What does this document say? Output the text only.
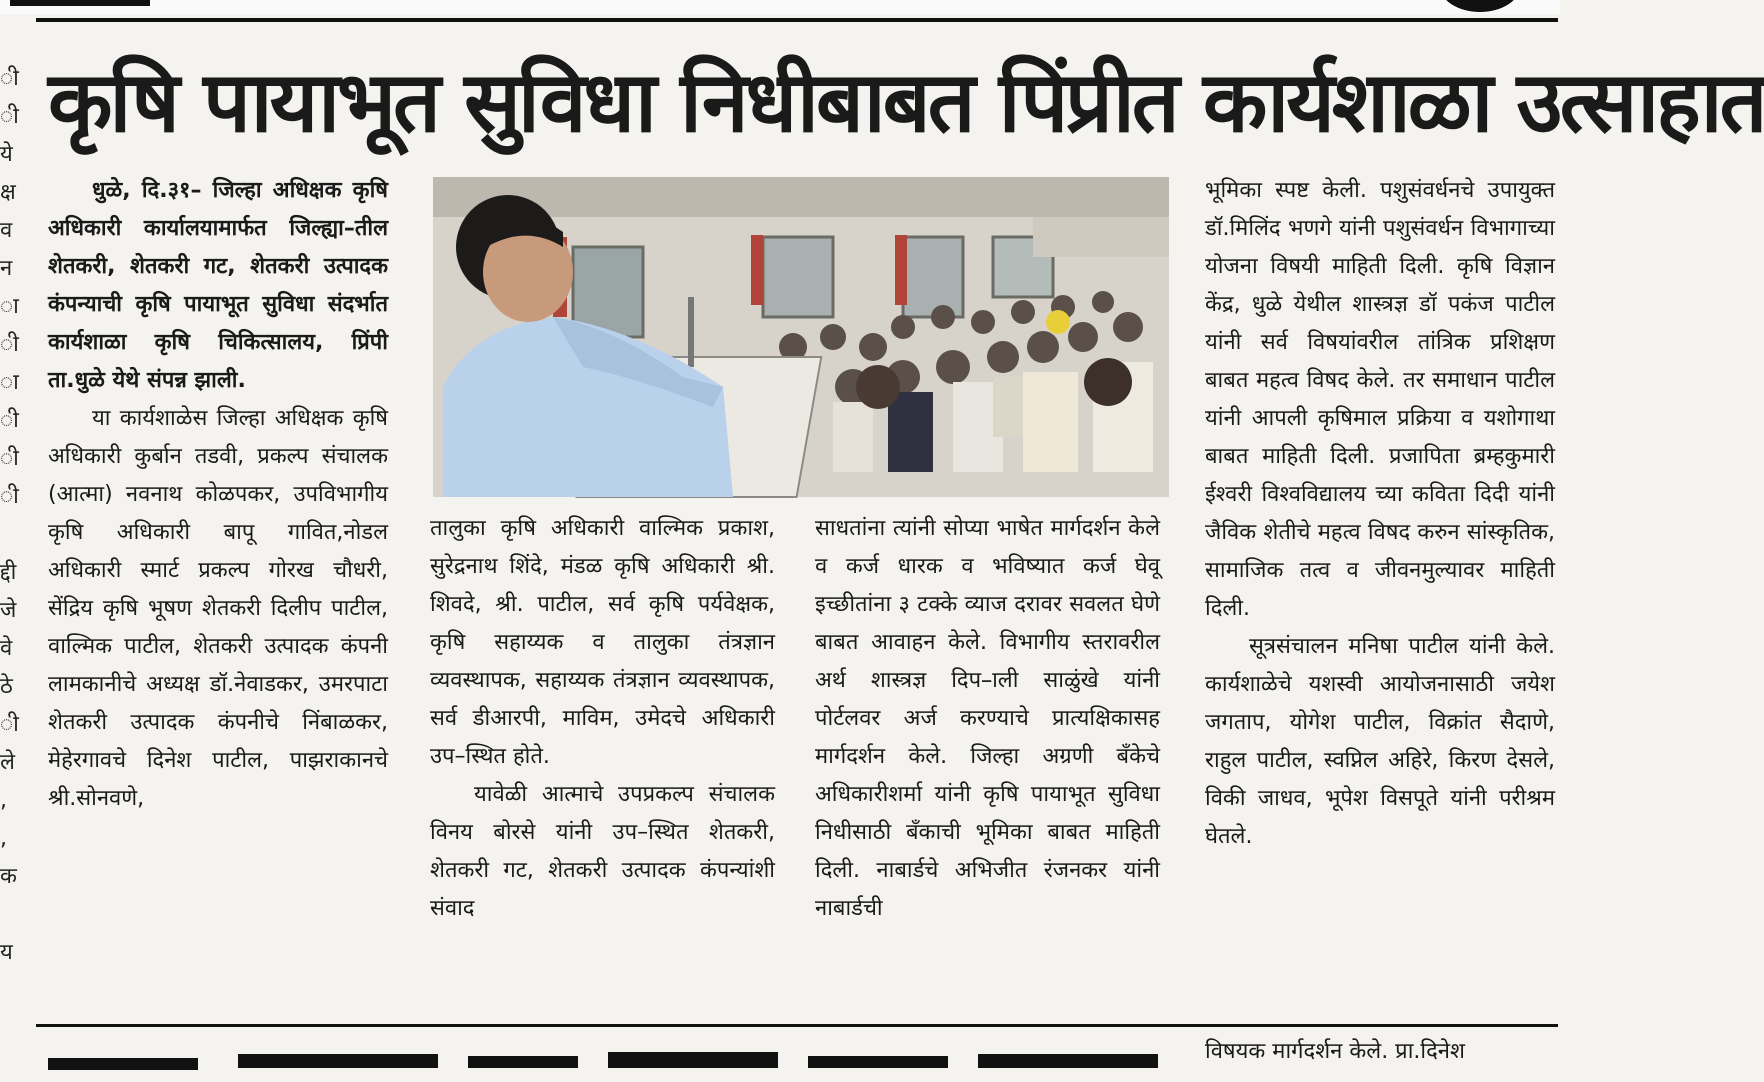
ी
ी
ये
क्ष
व
न
ा
ी
ा
ी
ी
ी

द्दी
जे
वे
ठे
ी
ले
,
,
क

य
कृषि पायाभूत सुविधा निधीबाबत पिंप्रीत कार्यशाळा उत्साहात

धुळे, दि.३१– जिल्हा अधिक्षक कृषि अधिकारी कार्यालयामार्फत जिल्ह्या–तील शेतकरी, शेतकरी गट, शेतकरी उत्पादक कंपन्याची कृषि पायाभूत सुविधा संदर्भात कार्यशाळा कृषि चिकित्सालय, प्रिंपी ता.धुळे येथे संपन्न झाली.

या कार्यशाळेस जिल्हा अधिक्षक कृषि अधिकारी कुर्बान तडवी, प्रकल्प संचालक (आत्मा) नवनाथ कोळपकर, उपविभागीय कृषि अधिकारी बापू गावित,नोडल अधिकारी स्मार्ट प्रकल्प गोरख चौधरी, सेंद्रिय कृषि भूषण शेतकरी दिलीप पाटील, वाल्मिक पाटील, शेतकरी उत्पादक कंपनी लामकानीचे अध्यक्ष डॉ.नेवाडकर, उमरपाटा शेतकरी उत्पादक कंपनीचे निंबाळकर, मेहेरगावचे दिनेश पाटील, पाझराकानचे श्री.सोनवणे,

तालुका कृषि अधिकारी वाल्मिक प्रकाश, सुरेद्रनाथ शिंदे, मंडळ कृषि अधिकारी श्री. शिवदे, श्री. पाटील, सर्व कृषि पर्यवेक्षक, कृषि सहाय्यक व तालुका तंत्रज्ञान व्यवस्थापक, सहाय्यक तंत्रज्ञान व्यवस्थापक, सर्व डीआरपी, माविम, उमेदचे अधिकारी उप–स्थित होते.

यावेळी आत्माचे उपप्रकल्प संचालक विनय बोरसे यांनी उप–स्थित शेतकरी, शेतकरी गट, शेतकरी उत्पादक कंपन्यांशी संवाद

साधतांना त्यांनी सोप्या भाषेत मार्गदर्शन केले व कर्ज धारक व भविष्यात कर्ज घेवू इच्छीतांना ३ टक्के व्याज दरावर सवलत घेणे बाबत आवाहन केले. विभागीय स्तरावरील अर्थ शास्त्रज्ञ दिप–ाली साळुंखे यांनी पोर्टलवर अर्ज करण्याचे प्रात्यक्षिकासह मार्गदर्शन केले. जिल्हा अग्रणी बँकेचे अधिकारीशर्मा यांनी कृषि पायाभूत सुविधा निधीसाठी बँकाची भूमिका बाबत माहिती दिली. नाबार्डचे अभिजीत रंजनकर यांनी नाबार्डची

भूमिका स्पष्ट केली. पशुसंवर्धनचे उपायुक्त डॉ.मिलिंद भणगे यांनी पशुसंवर्धन विभागाच्या योजना विषयी माहिती दिली. कृषि विज्ञान केंद्र, धुळे येथील शास्त्रज्ञ डॉ पकंज पाटील यांनी सर्व विषयांवरील तांत्रिक प्रशिक्षण बाबत महत्व विषद केले. तर समाधान पाटील यांनी आपली कृषिमाल प्रक्रिया व यशोगाथा बाबत माहिती दिली. प्रजापिता ब्रम्हकुमारी ईश्वरी विश्वविद्यालय च्या कविता दिदी यांनी जैविक शेतीचे महत्व विषद करुन सांस्कृतिक, सामाजिक तत्व व जीवनमुल्यावर माहिती दिली.

सूत्रसंचालन मनिषा पाटील यांनी केले. कार्यशाळेचे यशस्वी आयोजनासाठी जयेश जगताप, योगेश पाटील, विक्रांत सैदाणे, राहुल पाटील, स्वप्निल अहिरे, किरण देसले, विकी जाधव, भूपेश विसपूते यांनी परीश्रम घेतले.

विषयक मार्गदर्शन केले. प्रा.दिनेश
